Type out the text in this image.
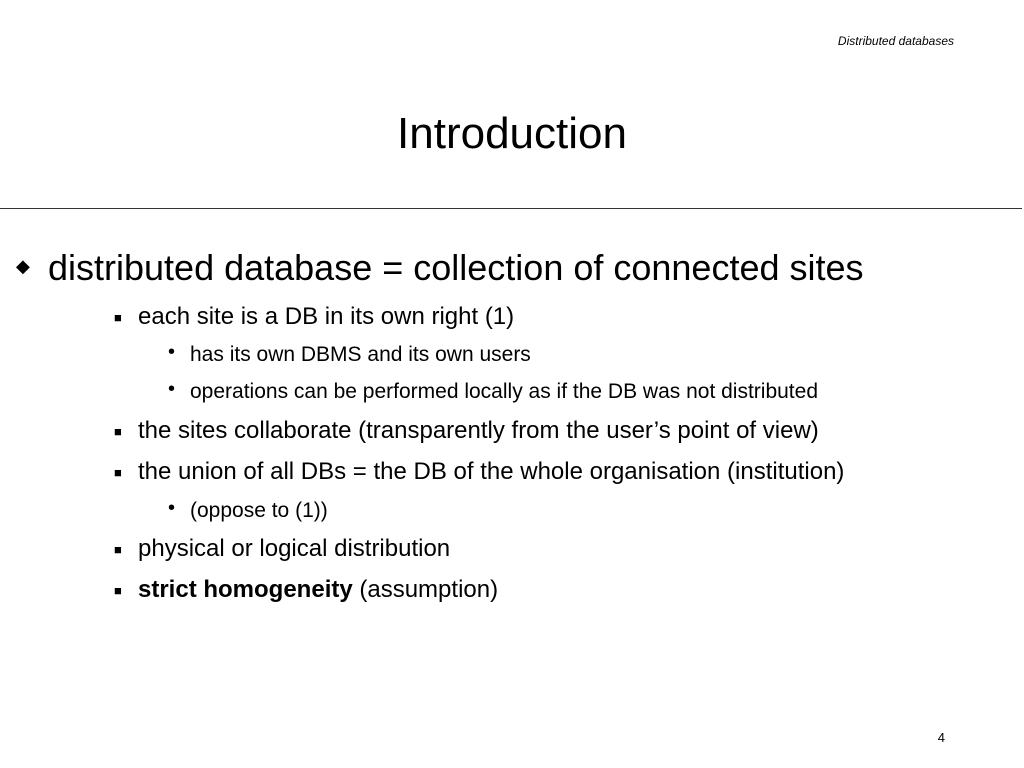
Distributed databases
Introduction
◆ distributed database = collection of connected sites
■ each site is a DB in its own right (1)
• has its own DBMS and its own users
• operations can be performed locally as if the DB was not distributed
■ the sites collaborate (transparently from the user’s point of view)
■ the union of all DBs = the DB of the whole organisation (institution)
• (oppose to (1))
■ physical or logical distribution
■ strict homogeneity (assumption)
4
